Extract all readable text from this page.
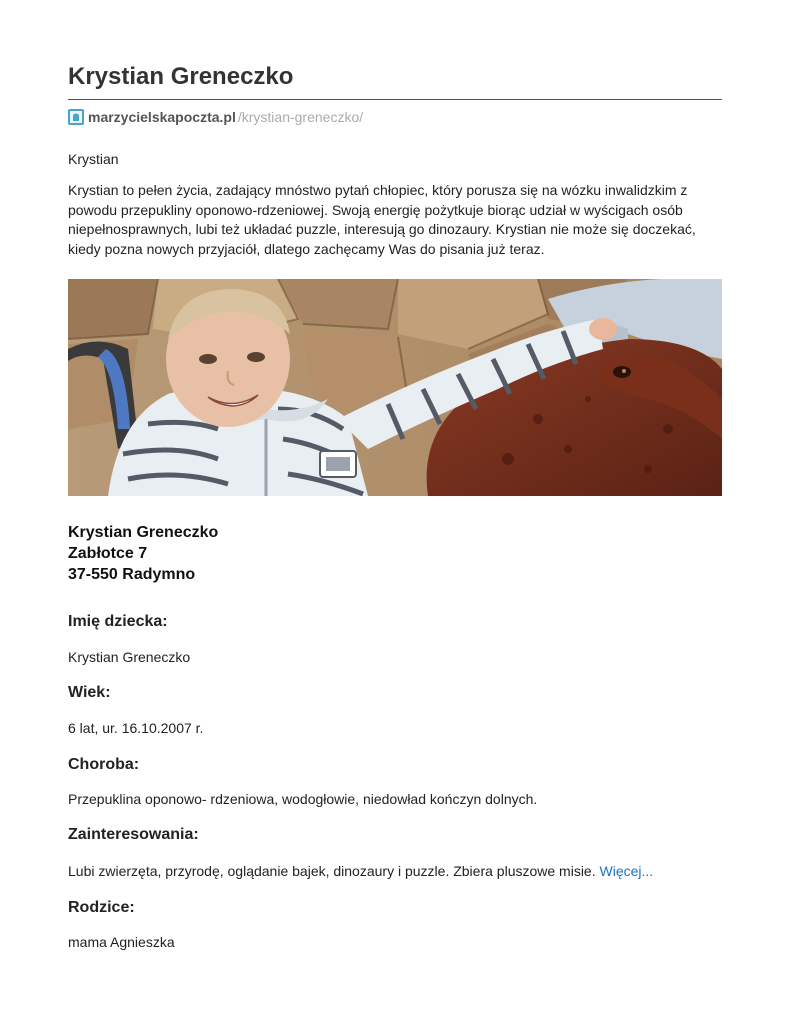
Krystian Greneczko
marzycielskapoczta.pl /krystian-greneczko/

Krystian

Krystian to pełen życia, zadający mnóstwo pytań chłopiec, który porusza się na wózku inwalidzkim z powodu przepukliny oponowo-rdzeniowej. Swoją energię pożytkuje biorąc udział w wyścigach osób niepełnosprawnych, lubi też układać puzzle, interesują go dinozaury. Krystian nie może się doczekać, kiedy pozna nowych przyjaciół, dlatego zachęcamy Was do pisania już teraz.

Krystian Greneczko
Zabłotce 7
37-550 Radymno
Imię dziecka:
Krystian Greneczko
Wiek:
6 lat, ur. 16.10.2007 r.
Choroba:
Przepuklina oponowo- rdzeniowa, wodogłowie, niedowład kończyn dolnych.
Zainteresowania:
Lubi zwierzęta, przyrodę, oglądanie bajek, dinozaury i puzzle. Zbiera pluszowe misie. Więcej...
Rodzice:
mama Agnieszka
